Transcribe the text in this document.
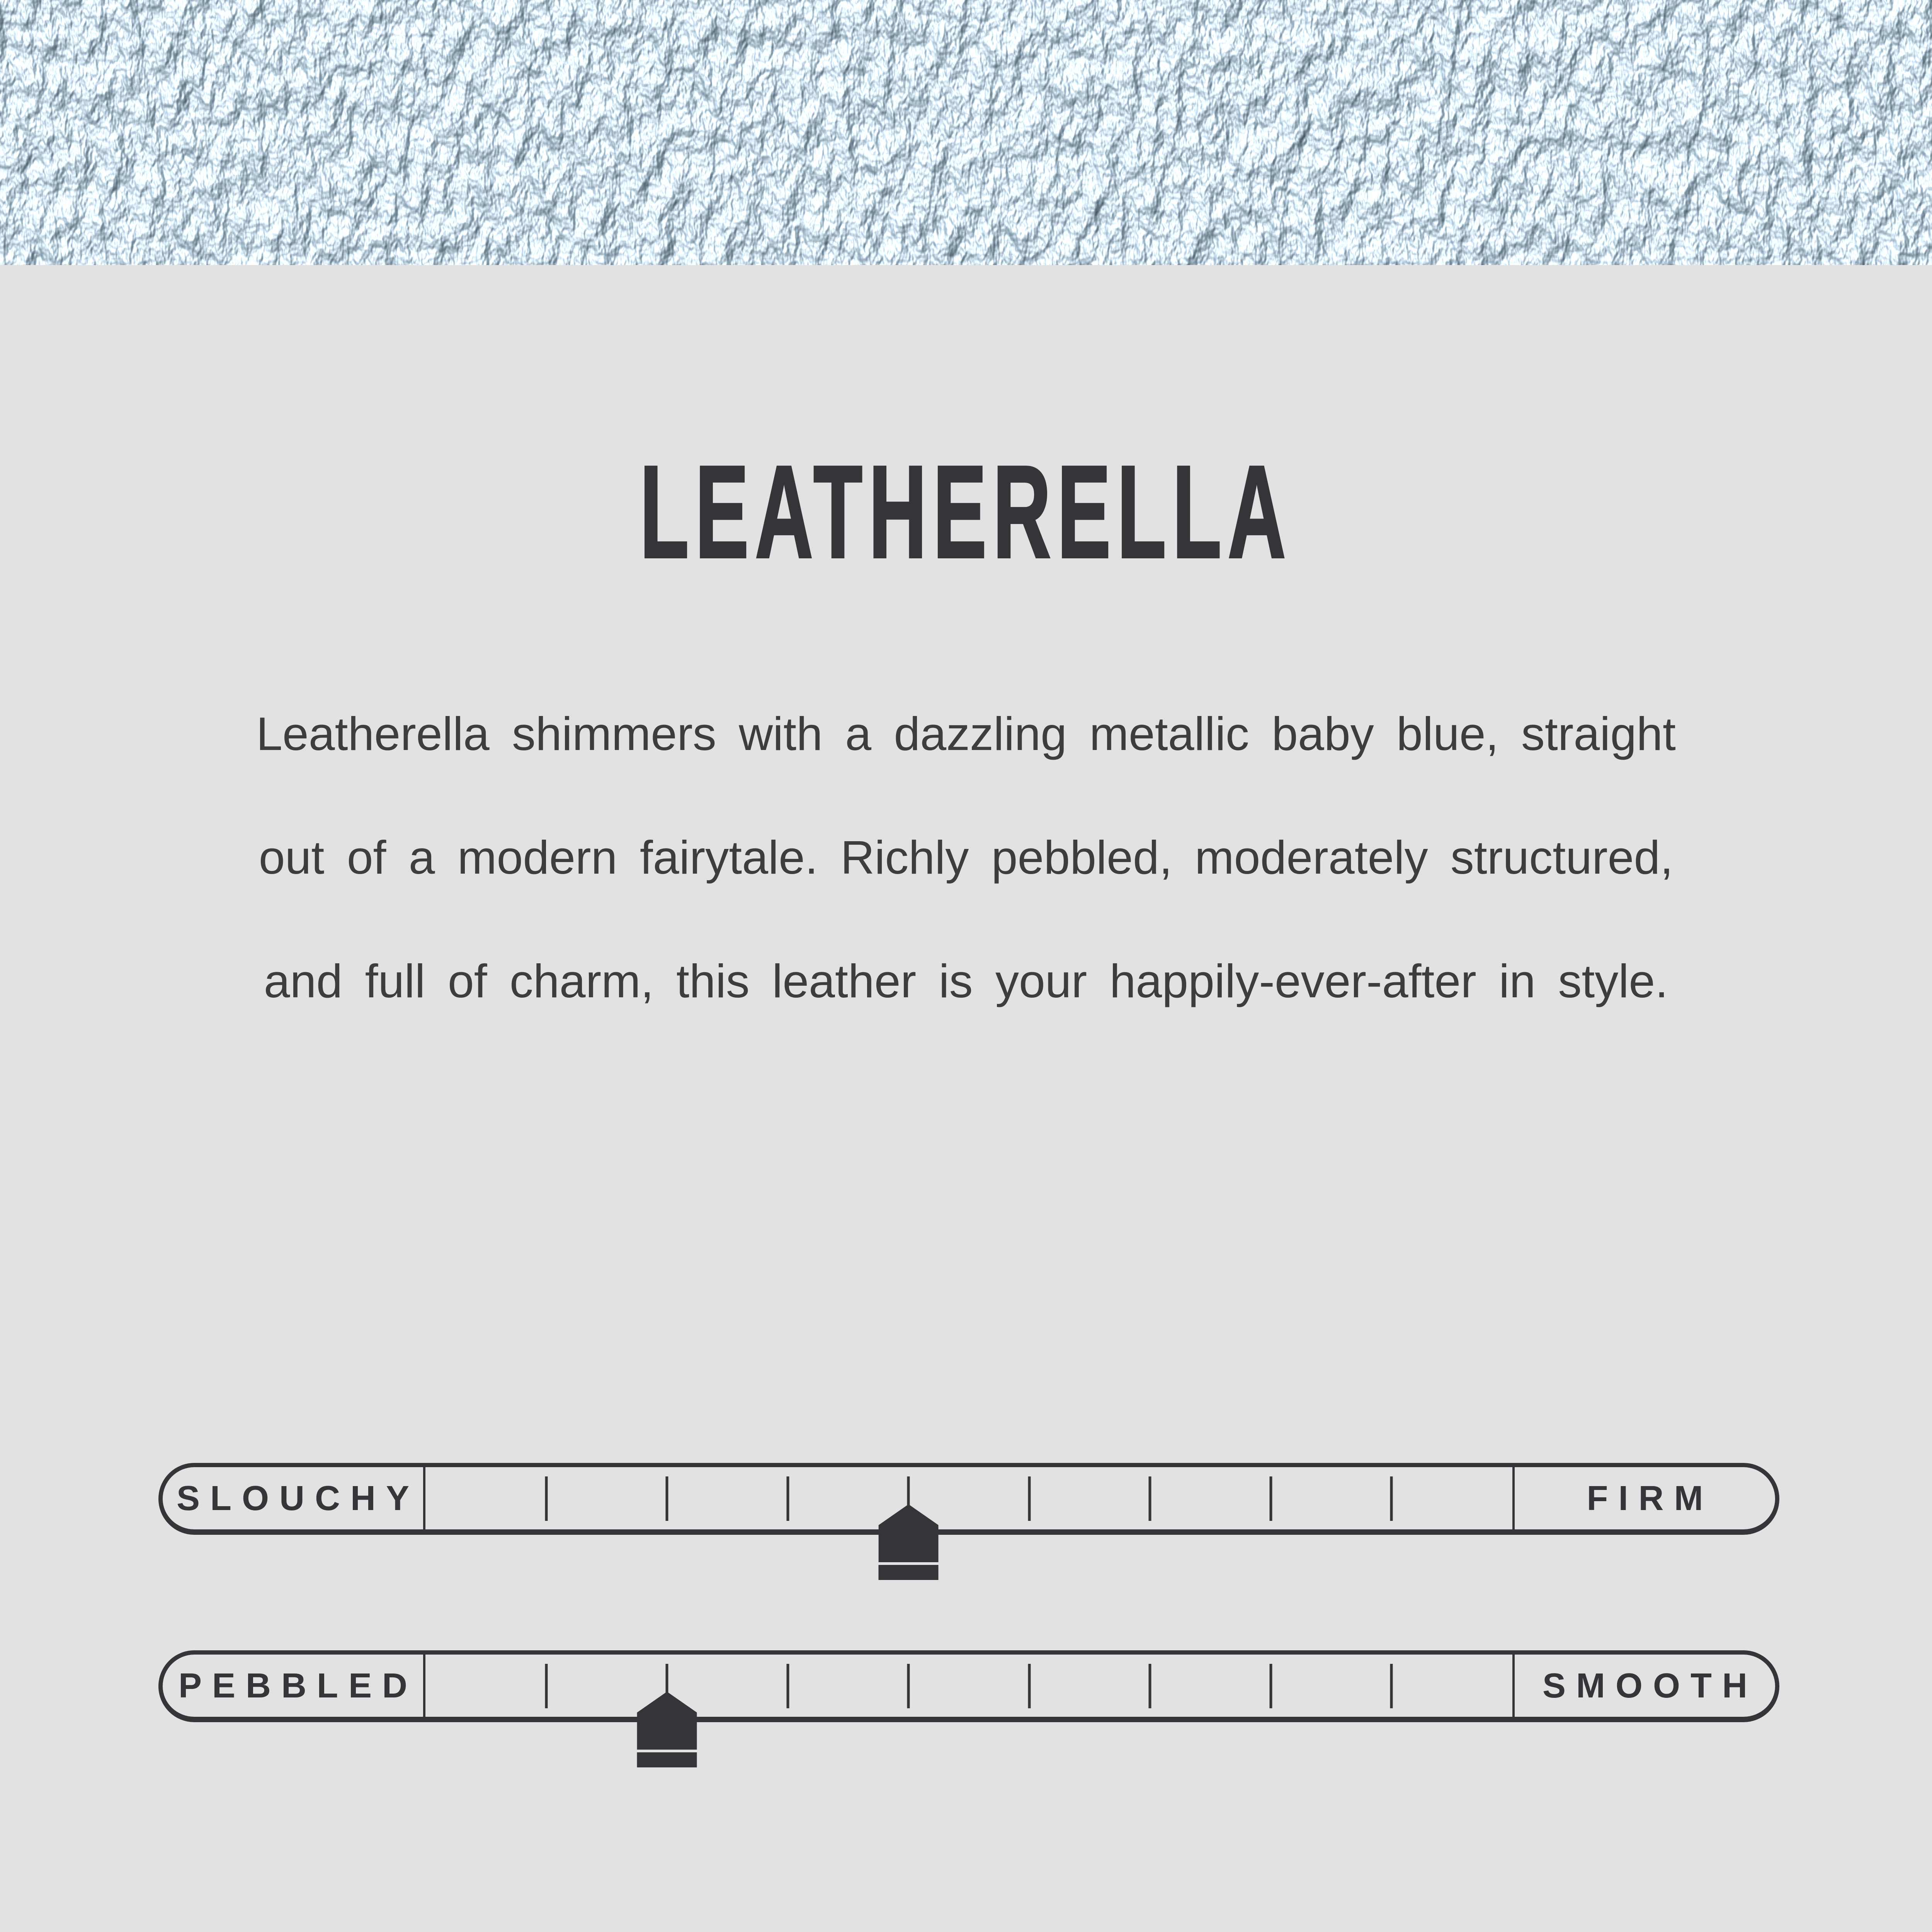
LEATHERELLA

Leatherella shimmers with a dazzling metallic baby blue, straight

out of a modern fairytale. Richly pebbled, moderately structured,

and full of charm, this leather is your happily-ever-after in style.

SLOUCHY	FIRM
PEBBLED	SMOOTH
